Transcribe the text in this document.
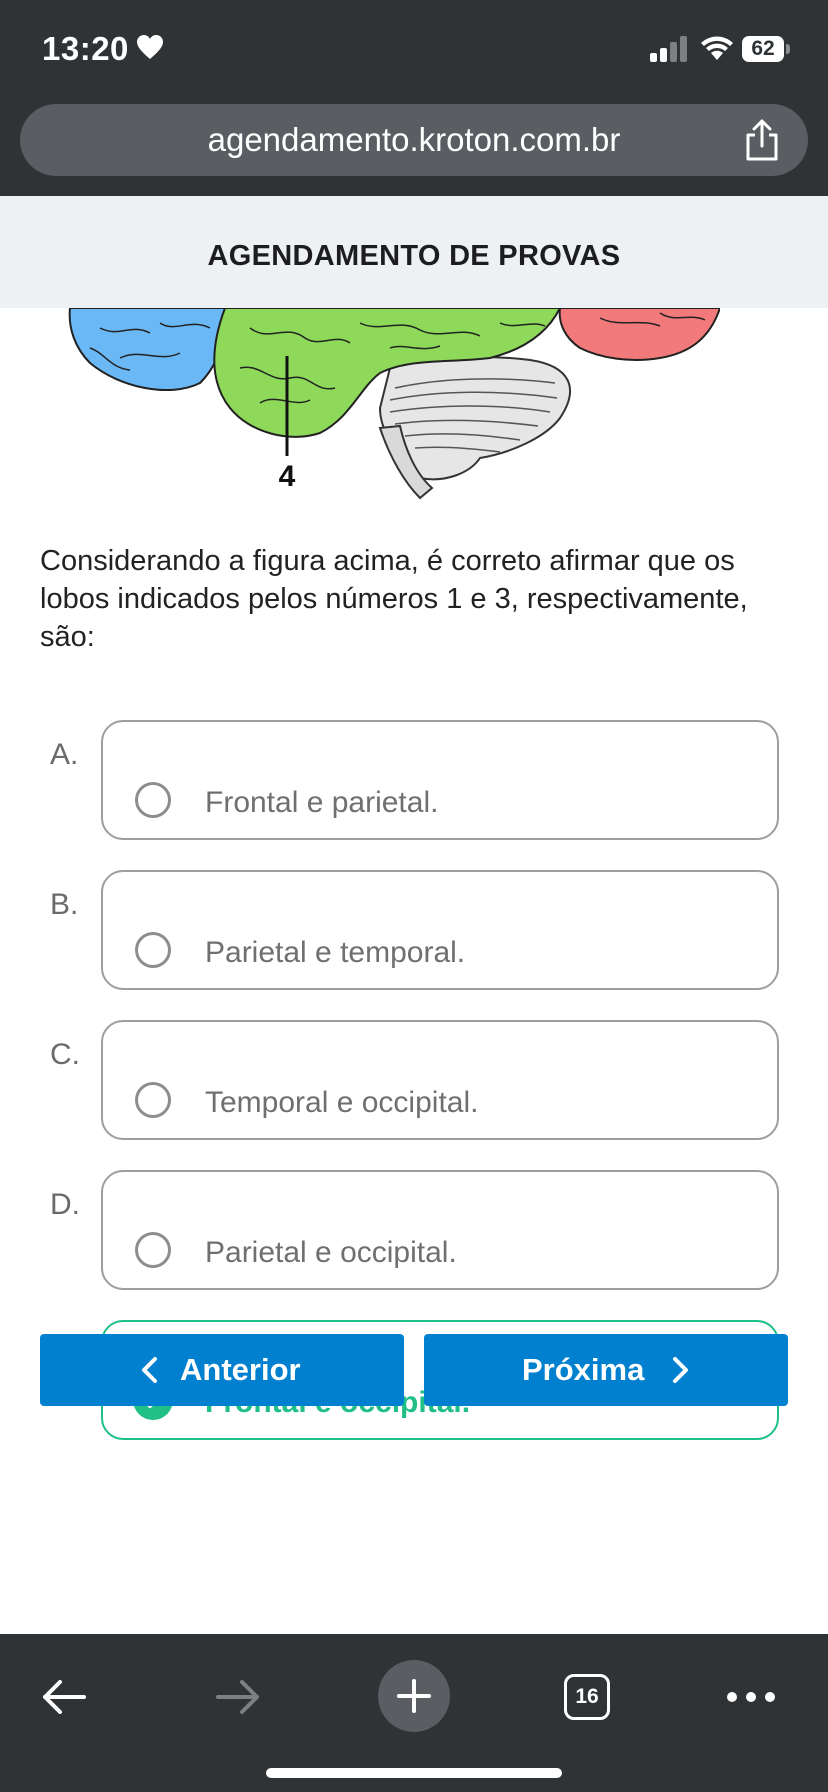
13:20	62
agendamento.kroton.com.br
AGENDAMENTO DE PROVAS
4
Considerando a figura acima, é correto afirmar que os lobos indicados pelos números 1 e 3, respectivamente, são:
A.
Frontal e parietal.
B.
Parietal e temporal.
C.
Temporal e occipital.
D.
Parietal e occipital.
occipital.
Anterior	Próxima
16
